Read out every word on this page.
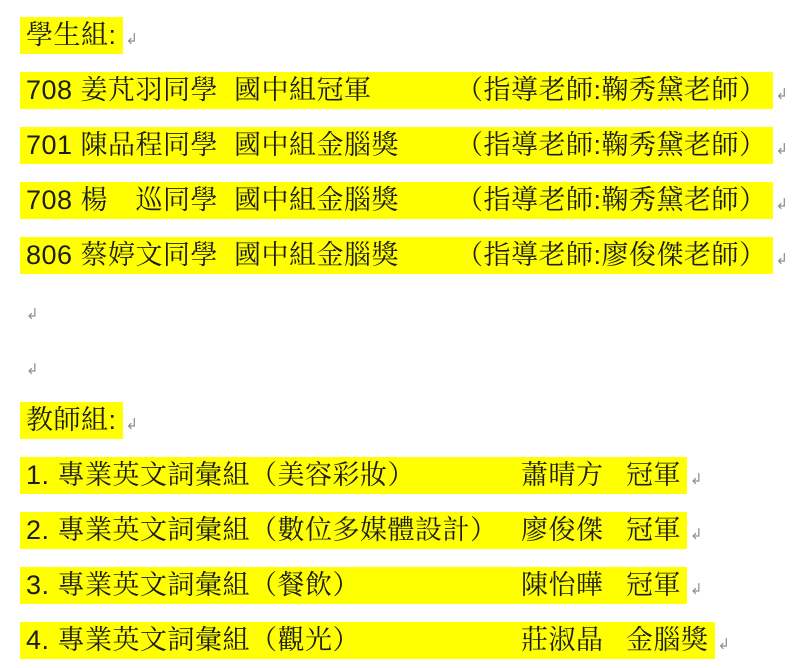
學生組: ↲
708 姜芃羽同學  國中組冠軍	（指導老師:鞠秀黛老師） ↲
701 陳品程同學  國中組金腦獎	（指導老師:鞠秀黛老師） ↲
708 楊　巡同學  國中組金腦獎	（指導老師:鞠秀黛老師） ↲
806 蔡婷文同學  國中組金腦獎	（指導老師:廖俊傑老師） ↲
↲
↲
教師組: ↲
1. 專業英文詞彙組（美容彩妝）	蕭晴方 冠軍 ↲
2. 專業英文詞彙組（數位多媒體設計） 廖俊傑 冠軍 ↲
3. 專業英文詞彙組（餐飲）	陳怡曄 冠軍 ↲
4. 專業英文詞彙組（觀光）	莊淑晶 金腦獎 ↲
